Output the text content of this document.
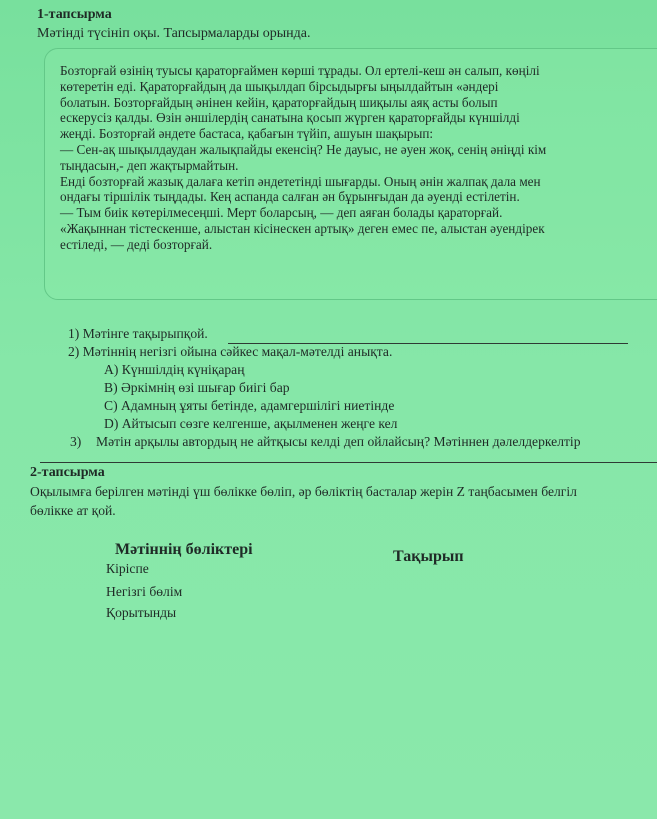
1-тапсырма
Мәтінді түсініп оқы. Тапсырмаларды орында.
Бозторғай өзінің туысы қараторғаймен көрші тұрады. Ол ертелі-кеш ән салып, көңілі
көтеретін еді. Қараторғайдың да шықылдап бірсыдырғы ыңылдайтын «әндері
болатын. Бозторғайдың әнінен кейін, қараторғайдың шиқылы аяқ асты болып
ескерусіз қалды. Өзін әншілердің санатына қосып жүрген қараторғайды күншілді
жеңді. Бозторғай әндете бастаса, қабағын түйіп, ашуын шақырып:
— Сен-ақ шықылдаудан жалықпайды екенсің? Не дауыс, не әуен жоқ, сенің әніңді кім
тыңдасын,- деп жақтырмайтын.
Енді бозторғай жазық далаға кетіп әндететінді шығарды. Оның әнін жалпақ дала мен
ондағы тіршілік тыңдады. Кең аспанда салған ән бұрынғыдан да әуенді естілетін.
— Тым биік көтерілмесеңші. Мерт боларсың, — деп аяған болады қараторғай.
«Жақыннан тістескенше, алыстан кісінескен артық» деген емес пе, алыстан әуендірек
естіледі, — деді бозторғай.
1) Мәтінге тақырыпқой.
2) Мәтіннің негізгі ойына сәйкес мақал-мәтелді анықта.
A) Күншілдің күніқараң
B) Әркімнің өзі шығар биігі бар
C) Адамның ұяты бетінде, адамгершілігі ниетінде
D) Айтысып сөзге келгенше, ақылменен жеңге кел
3) Мәтін арқылы автордың не айтқысы келді деп ойлайсың? Мәтіннен дәлелдеркелтір
2-тапсырма
Оқылымға берілген мәтінді үш бөлікке бөліп, әр бөліктің басталар жерін Z таңбасымен белгіл
бөлікке ат қой.
Мәтіннің бөліктері	Тақырып
Кіріспе
Негізгі бөлім
Қорытынды
